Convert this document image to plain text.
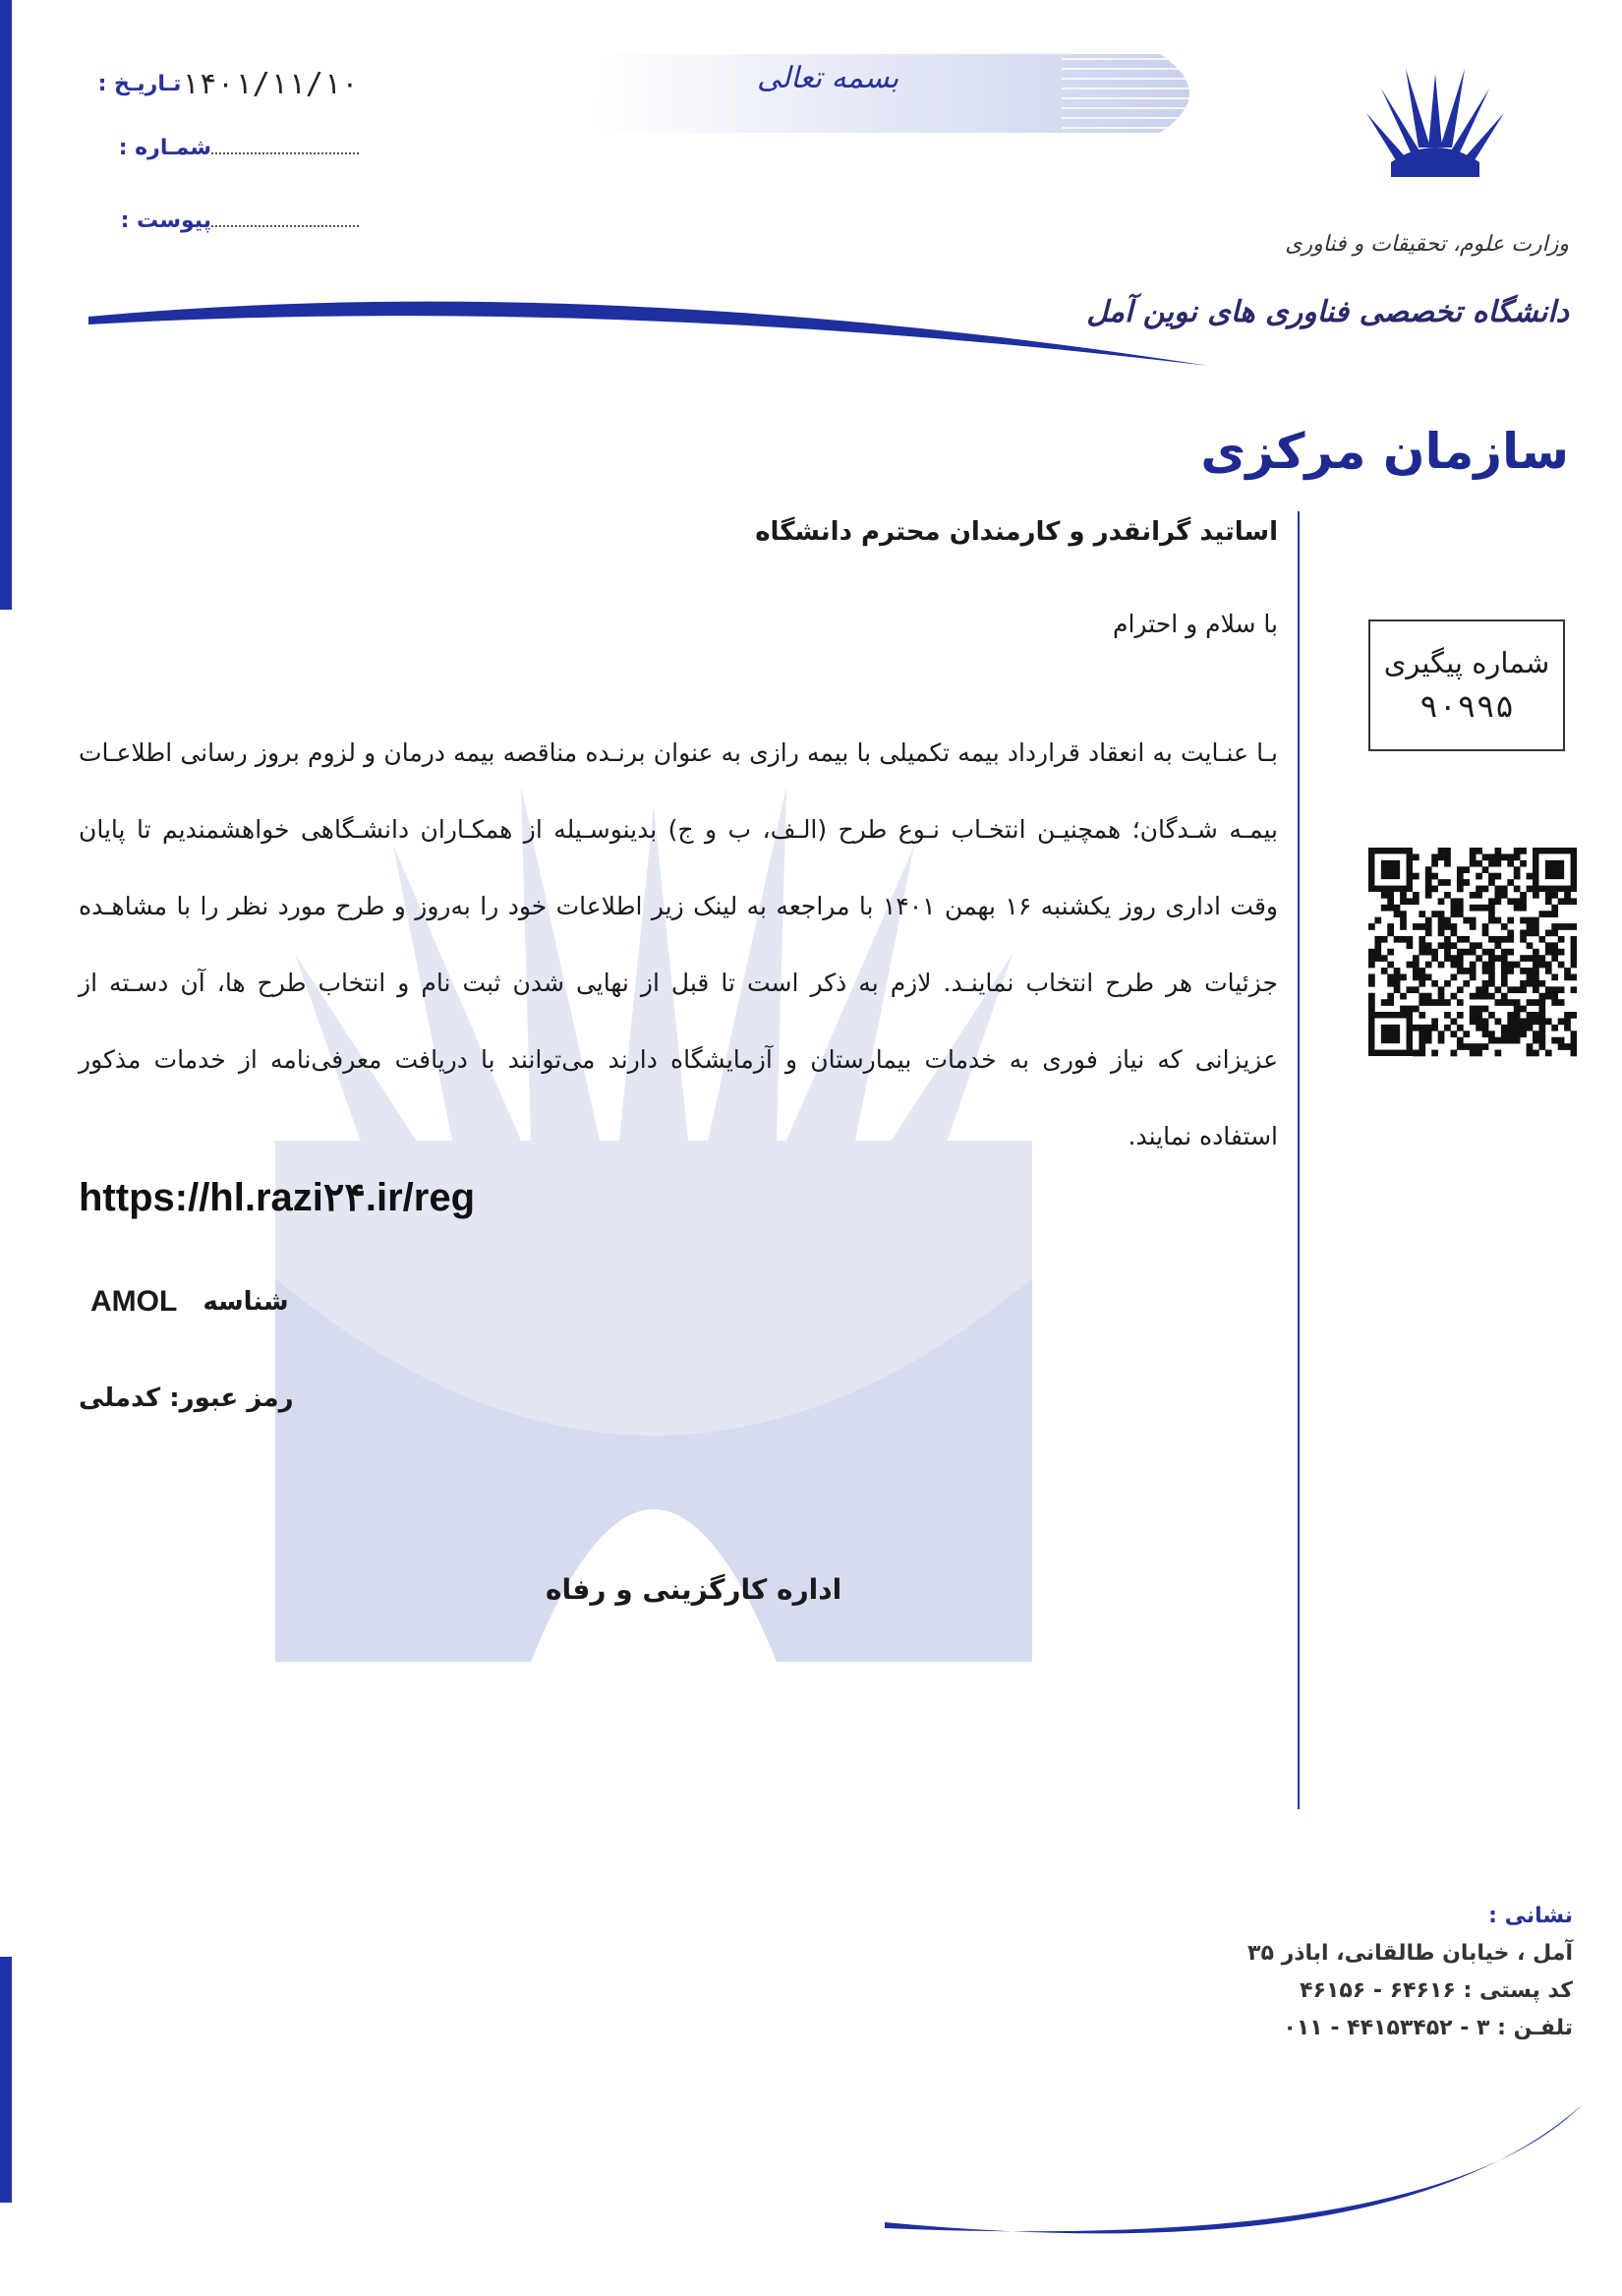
بسمه تعالی
تـاریـخ : ۱۴۰۱/۱۱/۱۰
شمـاره :
پیوست :
وزارت علوم، تحقیقات و فناوری
دانشگاه تخصصی فناوری های نوین آمل
سازمان مرکزی
اساتید گرانقدر و کارمندان محترم دانشگاه
با سلام و احترام
بـا عنـایت به انعقاد قرارداد بیمه تکمیلی با بیمه رازی به عنوان برنـده مناقصه بیمه درمان و لزوم بروز رسانی اطلاعـات بیمـه شـدگان؛ همچنیـن انتخـاب نـوع طرح (الـف، ب و ج) بدینوسـیله از همکـاران دانشـگاهی خواهشمندیم تا پایان وقت اداری روز یکشنبه ۱۶ بهمن ۱۴۰۱ با مراجعه به لینک زیر اطلاعات خود را به‌روز و طرح مورد نظر را با مشاهـده جزئیات هر طرح انتخاب نماینـد. لازم به ذکر است تا قبل از نهایی شدن ثبت نام و انتخاب طرح ها، آن دسـته از عزیزانی که نیاز فوری به خدمات بیمارستان و آزمایشگاه دارند می‌توانند با دریافت معرفی‌نامه از خدمات مذکور استفاده نمایند.
https://hl.razi۲۴.ir/reg
شناسه
AMOL
رمز عبور: کدملی
اداره کارگزینی و رفاه
شماره پیگیری
۹۰۹۹۵
نشانی :
آمل ، خیابان طالقانی، اباذر ۳۵
کد پستی : ۶۴۶۱۶ - ۴۶۱۵۶
تلفـن : ۳ - ۴۴۱۵۳۴۵۲ - ۰۱۱
